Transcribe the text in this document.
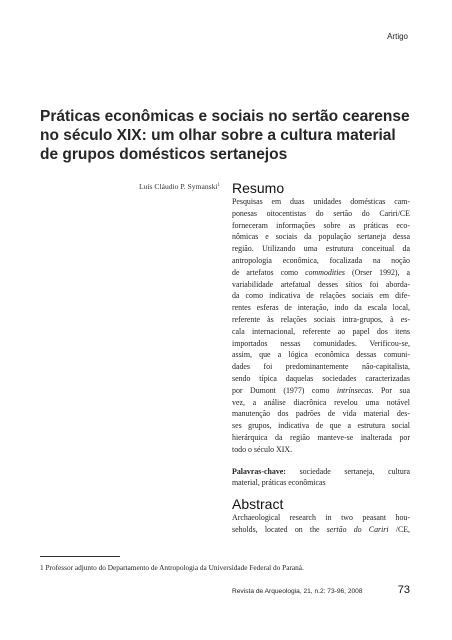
Artigo
Práticas econômicas e sociais no sertão cearense
no século XIX: um olhar sobre a cultura material
de grupos domésticos sertanejos
Luís Cláudio P. Symanski$^1$ Resumo
Pesquisas em duas unidades domésticas cam-
ponesas oitocentistas do sertão do Cariri/CE
forneceram informações sobre as práticas eco-
nômicas e sociais da população sertaneja dessa
região. Utilizando uma estrutura conceitual da
antropologia econômica, focalizada na noção
de artefatos como commodities (Orser 1992), a
variabilidade artefatual desses sítios foi aborda-
da como indicativa de relações sociais em dife-
rentes esferas de interação, indo da escala local,
referente às relações sociais intra-grupos, à es-
cala internacional, referente ao papel dos itens
importados nessas comunidades. Verificou-se,
assim, que a lógica econômica dessas comuni-
dades foi predominantemente não-capitalista,
sendo típica daquelas sociedades caracterizadas
por Dumont (1977) como intrínsecas. Por sua
vez, a análise diacrônica revelou uma notável
manutenção dos padrões de vida material des-
ses grupos, indicativa de que a estrutura social
hierárquica da região manteve-se inalterada por
todo o século XIX.
Palavras-chave: sociedade sertaneja, cultura
material, práticas econômicas
Abstract
Archaeological research in two peasant hou-
seholds, located on the sertão do Cariri /CE,
1 Professor adjunto do Departamento de Antropologia da Universidade Federal do Paraná.
Revista de Arqueologia, 21, n.2: 73-96, 2008	73
